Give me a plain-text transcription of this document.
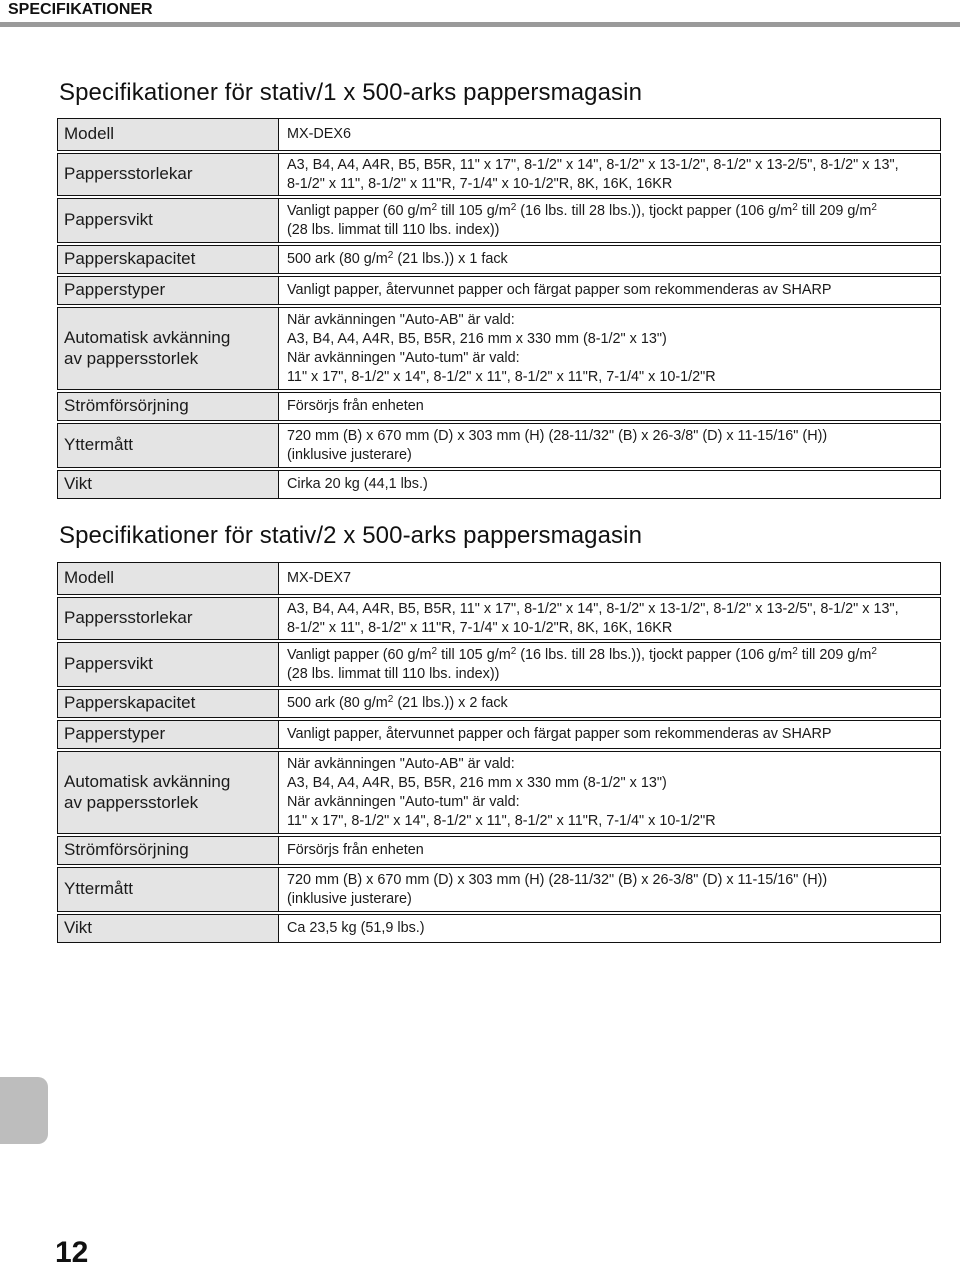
SPECIFIKATIONER
Specifikationer för stativ/1 x 500-arks pappersmagasin
Modell	MX-DEX6

Pappersstorlekar	A3, B4, A4, A4R, B5, B5R, 11" x 17", 8-1/2" x 14", 8-1/2" x 13-1/2", 8-1/2" x 13-2/5", 8-1/2" x 13",
8-1/2" x 11", 8-1/2" x 11"R, 7-1/4" x 10-1/2"R, 8K, 16K, 16KR

Pappersvikt	Vanligt papper (60 $g/m^2$ till 105 $g/m^2$ (16 lbs. till 28 lbs.)), tjockt papper (106 $g/m^2$ till 209 $g/m^2$
(28 lbs. limmat till 110 lbs. index))

Papperskapacitet	500 ark (80 $g/m^2$ (21 lbs.)) x 1 fack

Papperstyper	Vanligt papper, återvunnet papper och färgat papper som rekommenderas av SHARP

Automatisk avkänning
av pappersstorlek	När avkänningen "Auto-AB" är vald:
A3, B4, A4, A4R, B5, B5R, 216 mm x 330 mm (8-1/2" x 13")
När avkänningen "Auto-tum" är vald:
11" x 17", 8-1/2" x 14", 8-1/2" x 11", 8-1/2" x 11"R, 7-1/4" x 10-1/2"R

Strömförsörjning	Försörjs från enheten

Yttermått	720 mm (B) x 670 mm (D) x 303 mm (H) (28-11/32" (B) x 26-3/8" (D) x 11-15/16" (H))
(inklusive justerare)

Vikt	Cirka 20 kg (44,1 lbs.)
Specifikationer för stativ/2 x 500-arks pappersmagasin
Modell	MX-DEX7

Pappersstorlekar	A3, B4, A4, A4R, B5, B5R, 11" x 17", 8-1/2" x 14", 8-1/2" x 13-1/2", 8-1/2" x 13-2/5", 8-1/2" x 13",
8-1/2" x 11", 8-1/2" x 11"R, 7-1/4" x 10-1/2"R, 8K, 16K, 16KR

Pappersvikt	Vanligt papper (60 $g/m^2$ till 105 $g/m^2$ (16 lbs. till 28 lbs.)), tjockt papper (106 $g/m^2$ till 209 $g/m^2$
(28 lbs. limmat till 110 lbs. index))

Papperskapacitet	500 ark (80 $g/m^2$ (21 lbs.)) x 2 fack

Papperstyper	Vanligt papper, återvunnet papper och färgat papper som rekommenderas av SHARP

Automatisk avkänning
av pappersstorlek	När avkänningen "Auto-AB" är vald:
A3, B4, A4, A4R, B5, B5R, 216 mm x 330 mm (8-1/2" x 13")
När avkänningen "Auto-tum" är vald:
11" x 17", 8-1/2" x 14", 8-1/2" x 11", 8-1/2" x 11"R, 7-1/4" x 10-1/2"R

Strömförsörjning	Försörjs från enheten

Yttermått	720 mm (B) x 670 mm (D) x 303 mm (H) (28-11/32" (B) x 26-3/8" (D) x 11-15/16" (H))
(inklusive justerare)

Vikt	Ca 23,5 kg (51,9 lbs.)
12
